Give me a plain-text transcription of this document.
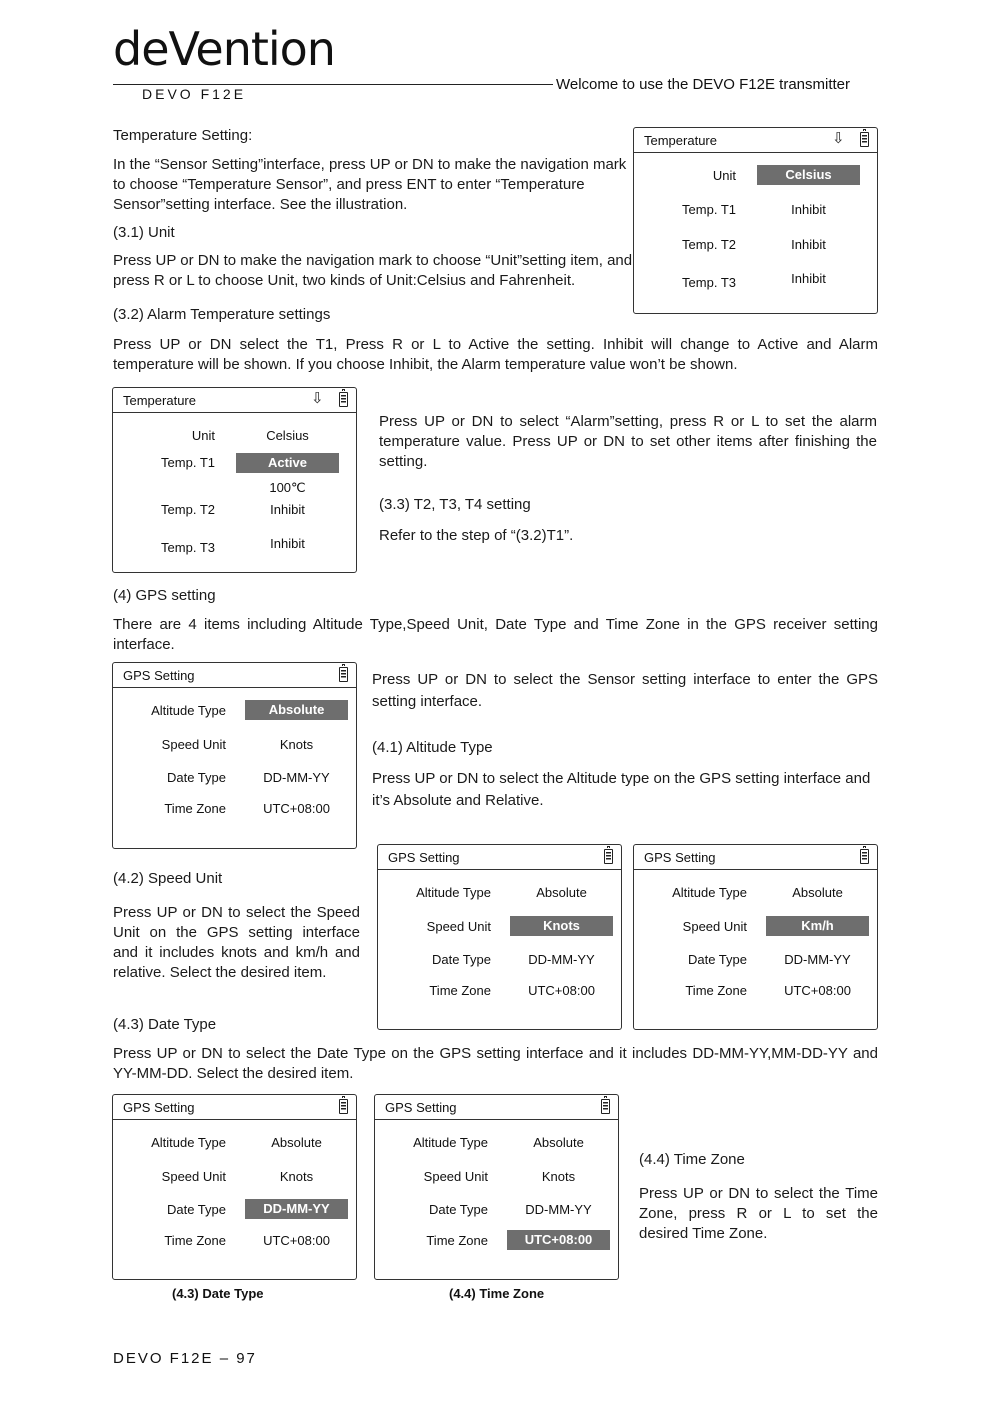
deVention
DEVO F12E
Welcome to use the DEVO F12E transmitter
Temperature Setting:
In the “Sensor Setting”interface, press UP or DN to make the navigation mark to choose “Temperature Sensor”, and press ENT to enter “Temperature Sensor”setting interface. See the illustration.
(3.1) Unit
Press UP or DN to make the navigation mark to choose “Unit”setting item, and press R or L to choose Unit, two kinds of Unit:Celsius and Fahrenheit.
Temperature	⇩
Unit	Celsius
Temp. T1	Inhibit
Temp. T2	Inhibit
Temp. T3	Inhibit
(3.2) Alarm Temperature settings
Press UP or DN select the T1, Press R or L to Active the setting. Inhibit will change to Active and Alarm temperature will be shown. If you choose Inhibit, the Alarm temperature value won’t be shown.
Temperature	⇩
Unit	Celsius
Temp. T1	Active
100℃
Temp. T2	Inhibit
Temp. T3	Inhibit
Press UP or DN to select “Alarm”setting, press R or L to set the alarm temperature value. Press UP or DN to set other items after finishing the setting.
(3.3) T2, T3, T4 setting
Refer to the step of “(3.2)T1”.
(4) GPS setting
There are 4 items including Altitude Type,Speed Unit, Date Type and Time Zone in the GPS receiver setting interface.
GPS Setting
Altitude Type	Absolute
Speed Unit	Knots
Date Type	DD-MM-YY
Time Zone	UTC+08:00
Press UP or DN to select the Sensor setting interface to enter the GPS setting interface.
(4.1) Altitude Type
Press UP or DN to select the Altitude type on the GPS setting interface and it’s Absolute and Relative.
(4.2) Speed Unit
Press UP or DN to select the Speed Unit on the GPS setting interface and it includes knots and km/h and relative. Select the desired item.
GPS Setting
Altitude Type	Absolute
Speed Unit	Knots
Date Type	DD-MM-YY
Time Zone	UTC+08:00
GPS Setting
Altitude Type	Absolute
Speed Unit	Km/h
Date Type	DD-MM-YY
Time Zone	UTC+08:00
(4.3) Date Type
Press UP or DN to select the Date Type on the GPS setting interface and it includes DD-MM-YY,MM-DD-YY and YY-MM-DD. Select the desired item.
GPS Setting
Altitude Type	Absolute
Speed Unit	Knots
Date Type	DD-MM-YY
Time Zone	UTC+08:00
GPS Setting
Altitude Type	Absolute
Speed Unit	Knots
Date Type	DD-MM-YY
Time Zone	UTC+08:00
(4.4) Time Zone
Press UP or DN to select the Time Zone, press R or L to set the desired Time Zone.
(4.3) Date Type	(4.4) Time Zone
DEVO F12E – 97
